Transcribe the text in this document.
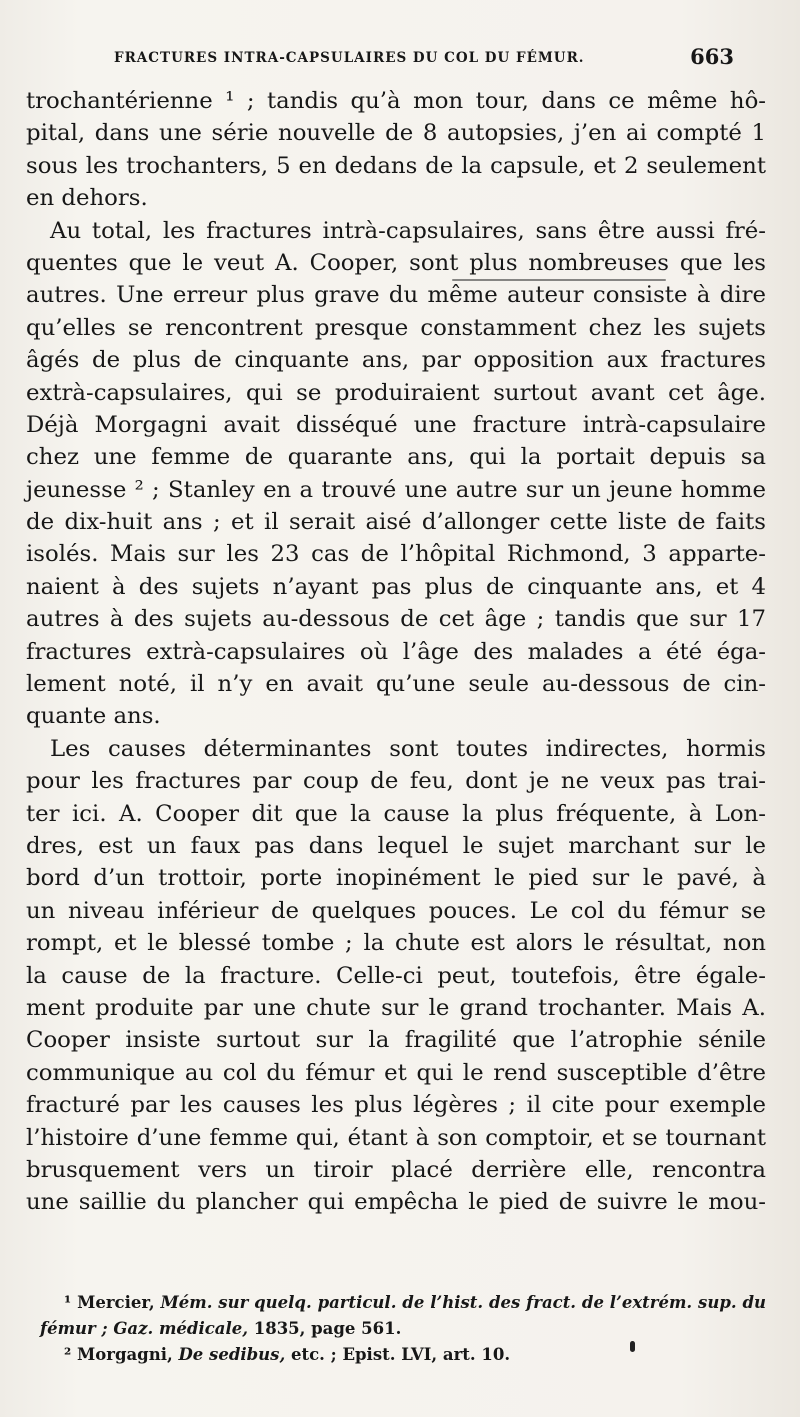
FRACTURES INTRA-CAPSULAIRES DU COL DU FÉMUR.	663
trochantérienne ¹ ; tandis qu’à mon tour, dans ce même hô-
pital, dans une série nouvelle de 8 autopsies, j’en ai compté 1
sous les trochanters, 5 en dedans de la capsule, et 2 seulement
en dehors.
Au total, les fractures intrà-capsulaires, sans être aussi fré-
quentes que le veut A. Cooper, sont plus nombreuses que les
autres. Une erreur plus grave du même auteur consiste à dire
qu’elles se rencontrent presque constamment chez les sujets
âgés de plus de cinquante ans, par opposition aux fractures
extrà-capsulaires, qui se produiraient surtout avant cet âge.
Déjà Morgagni avait disséqué une fracture intrà-capsulaire
chez une femme de quarante ans, qui la portait depuis sa
jeunesse ² ; Stanley en a trouvé une autre sur un jeune homme
de dix-huit ans ; et il serait aisé d’allonger cette liste de faits
isolés. Mais sur les 23 cas de l’hôpital Richmond, 3 apparte-
naient à des sujets n’ayant pas plus de cinquante ans, et 4
autres à des sujets au-dessous de cet âge ; tandis que sur 17
fractures extrà-capsulaires où l’âge des malades a été éga-
lement noté, il n’y en avait qu’une seule au-dessous de cin-
quante ans.
Les causes déterminantes sont toutes indirectes, hormis
pour les fractures par coup de feu, dont je ne veux pas trai-
ter ici. A. Cooper dit que la cause la plus fréquente, à Lon-
dres, est un faux pas dans lequel le sujet marchant sur le
bord d’un trottoir, porte inopinément le pied sur le pavé, à
un niveau inférieur de quelques pouces. Le col du fémur se
rompt, et le blessé tombe ; la chute est alors le résultat, non
la cause de la fracture. Celle-ci peut, toutefois, être égale-
ment produite par une chute sur le grand trochanter. Mais A.
Cooper insiste surtout sur la fragilité que l’atrophie sénile
communique au col du fémur et qui le rend susceptible d’être
fracturé par les causes les plus légères ; il cite pour exemple
l’histoire d’une femme qui, étant à son comptoir, et se tournant
brusquement vers un tiroir placé derrière elle, rencontra
une saillie du plancher qui empêcha le pied de suivre le mou-
¹ Mercier, Mém. sur quelq. particul. de l’hist. des fract. de l’extrém. sup. du
fémur ; Gaz. médicale, 1835, page 561.
² Morgagni, De sedibus, etc. ; Epist. LVI, art. 10.
